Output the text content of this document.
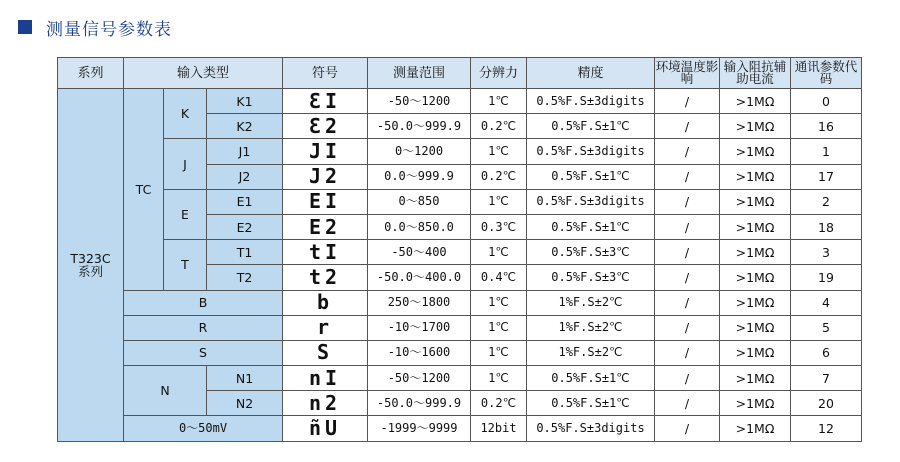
测量信号参数表
系列	输入类型			符号	测量范围	分辨力	精度	环境温度影响	输入阻抗辅助电流	通讯参数代码
T323C
系列	TC	K	K1	ƐI	-50～1200	1℃	0.5%F.S±3digits	/	>1MΩ	0
			K2	Ɛ2	-50.0～999.9	0.2℃	0.5%F.S±1℃	/	>1MΩ	16
		J	J1	JI	0～1200	1℃	0.5%F.S±3digits	/	>1MΩ	1
			J2	J2	0.0～999.9	0.2℃	0.5%F.S±1℃	/	>1MΩ	17
		E	E1	EI	0～850	1℃	0.5%F.S±3digits	/	>1MΩ	2
			E2	E2	0.0～850.0	0.3℃	0.5%F.S±1℃	/	>1MΩ	18
		T	T1	tI	-50～400	1℃	0.5%F.S±3℃	/	>1MΩ	3
			T2	t2	-50.0～400.0	0.4℃	0.5%F.S±3℃	/	>1MΩ	19
	B			b	250～1800	1℃	1%F.S±2℃	/	>1MΩ	4
	R			r	-10～1700	1℃	1%F.S±2℃	/	>1MΩ	5
	S			S	-10～1600	1℃	1%F.S±2℃	/	>1MΩ	6
	N		N1	nI	-50～1200	1℃	0.5%F.S±1℃	/	>1MΩ	7
			N2	n2	-50.0～999.9	0.2℃	0.5%F.S±1℃	/	>1MΩ	20
	0～50mV			ñU	-1999～9999	12bit	0.5%F.S±3digits	/	>1MΩ	12
